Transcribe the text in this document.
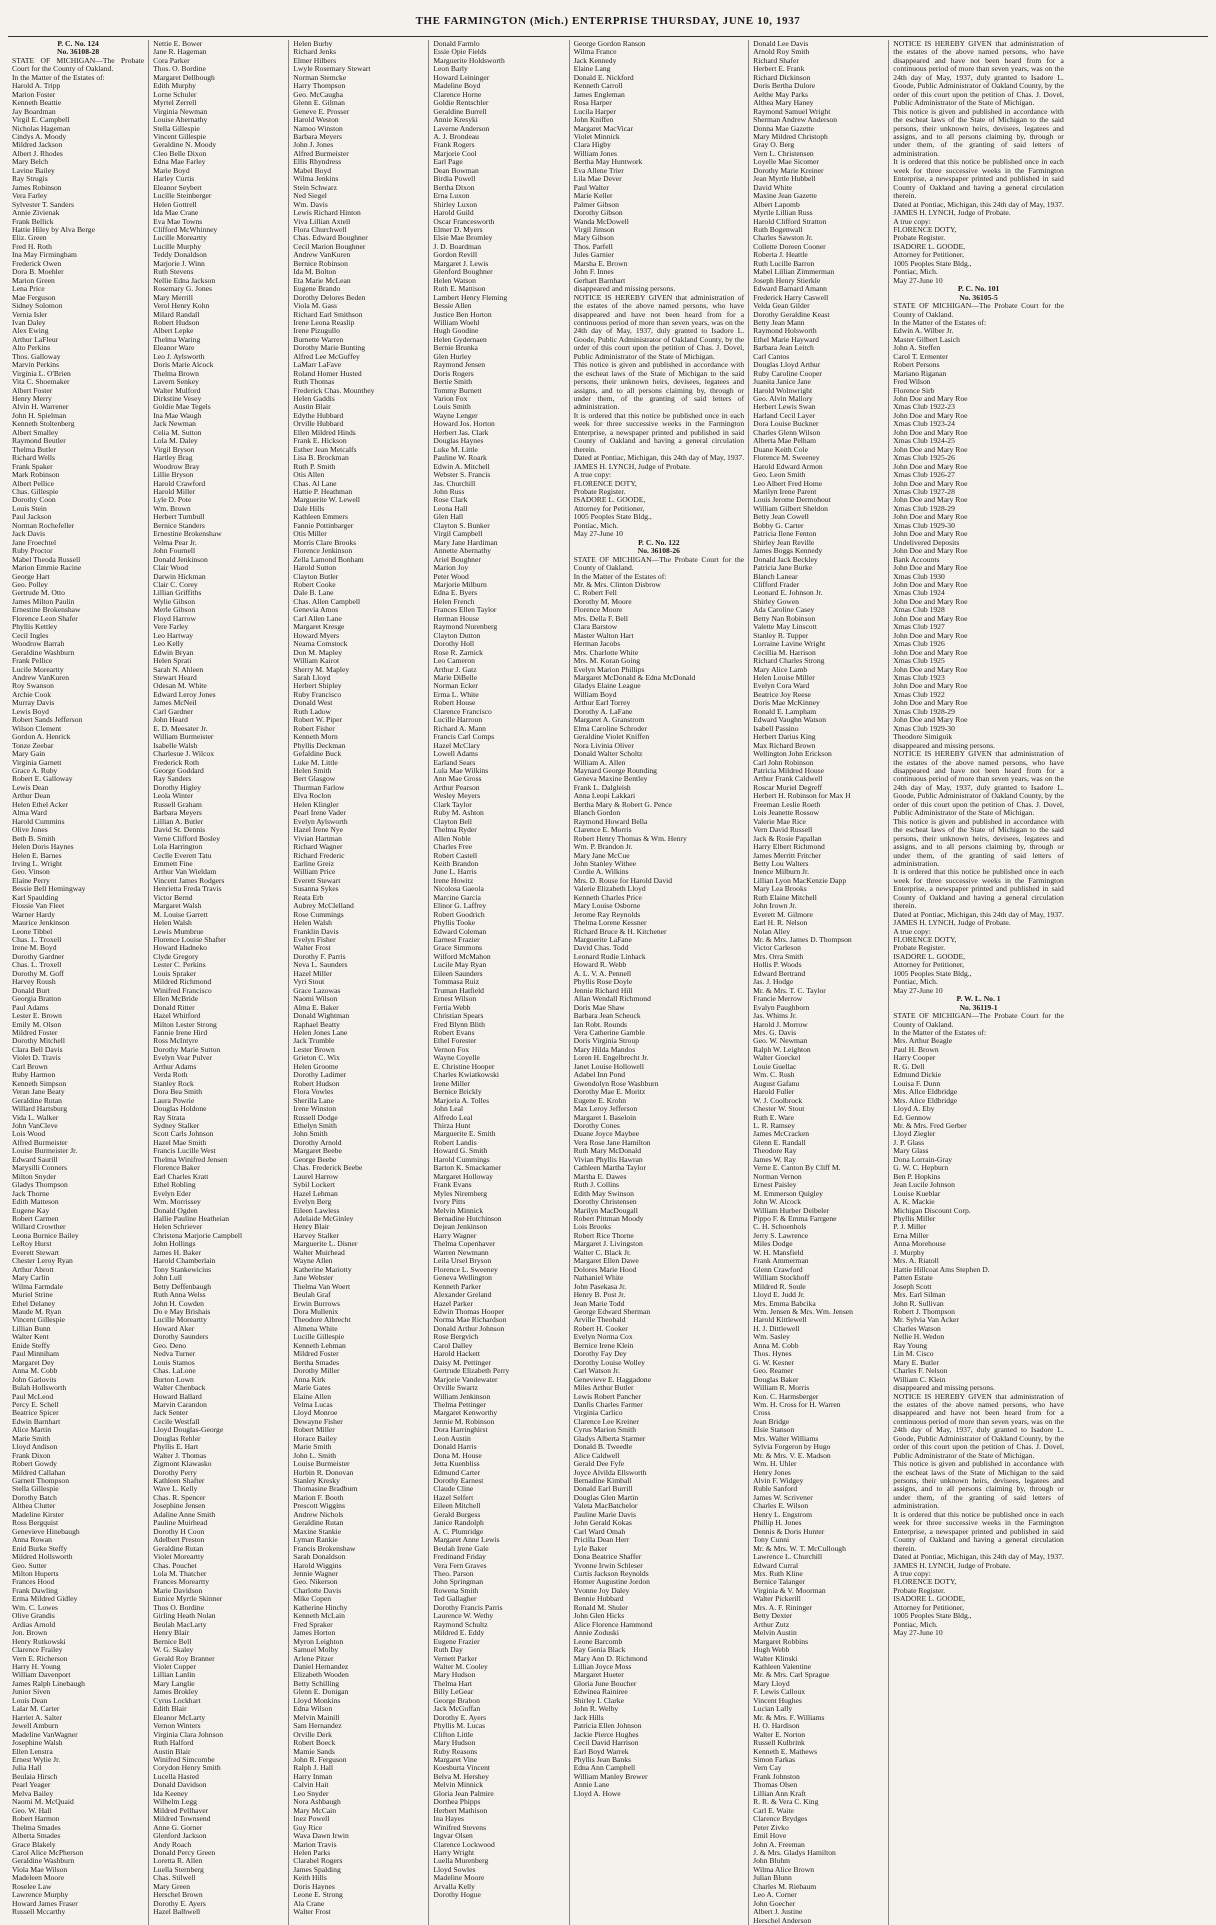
THE FARMINGTON (Mich.) ENTERPRISE THURSDAY, JUNE 10, 1937
P. C. No. 124
No. 36108-28
STATE OF MICHIGAN—The Probate Court for the County of Oakland.
In the Matter of the Estates of:
Harold A. Tripp
Marion Foster
Kenneth Beattie
Jay Boardman
Virgil E. Campbell
Nicholas Hageman
Cindys A. Moody
Mildred Jackson
Albert J. Rhodes
Mary Belch
Lavine Bailey
Ray Strugis
James Robinson
Vera Farley
Sylvester T. Sanders
Annie Zivienak
Frank Bellick
Hattie Hiley by Alva Berge
Eliz. Green
Fred H. Roth
Ina May Firmingham
Frederick Owen
Dora B. Moehler
Marion Green
Lena Price
Mae Ferguson
Sidney Solomon
Vernia Isler
Ivan Daley
Alex Ewing
Arthur LaFleur
Alto Perkins
Thos. Galloway
Marvin Perkins
Virginia L. O'Brien
Vita C. Shoemaker
Albert Foster
Henry Merry
Alvin H. Warrener
John H. Spielman
Kenneth Stoltenberg
Albert Smalley
Raymond Beutler
Thelma Butler
Richard Wells
Frank Spaker
Mark Robinson
Albert Pellice
Chas. Gillespie
Dorothy Coon
Louis Stein
Paul Jackson
Norman Rochefeller
Jack Davis
Jane Froechtel
Ruby Proctor
Mabel Theoda Russell
Marion Emmie Racine
George Hart
Geo. Polley
Gertrude M. Otto
James Milton Paulin
Ernestine Brokenshaw
Florence Leon Shafer
Phyllis Kettley
Cecil Ingles
Woodrow Barrah
Geraldine Washburn
Frank Pellice
Lucile Moreartty
Andrew VanKuren
Roy Swanson
Archie Cook
Murray Davis
Lewis Boyd
Robert Sands Jefferson
Wilson Clement
Gordon A. Henrick
Tonze Zeebar
Mary Gain
Virginia Garnett
Grace A. Ruby
Robert E. Galloway
Lewis Dean
Arthur Dean
Helen Ethel Acker
Alma Ward
Harold Cummins
Olive Jones
Beth B. Smith
Helen Doris Haynes
Helen E. Barnes
Irving L. Wright
Geo. Vinson
Elaine Perry
Bessie Bell Hemingway
Karl Spaulding
Flossie Van Fleet
Warner Hardy
Maurice Jenkinson
Leone Tibbel
Chas. L. Troxell
Irene M. Boyd
Dorothy Gardner
Chas. L. Troxell
Dorothy M. Goff
Harvey Roush
Donald Burt
Georgia Bratton
Paul Adams
Lester E. Brown
Emily M. Olson
Mildred Foster
Dorothy Mitchell
Clara Bell Davis
Violet D. Travis
Carl Brown
Ruby Harmon
Kenneth Simpson
Veran Jane Beaty
Geraldine Rutan
Willard Hartsburg
Vida L. Walker
John VanCleve
Lois Wood
Alfred Burmeister
Louise Burmeister Jr.
Edward Saurill
Marysilli Conners
Milton Snyder
Gladys Thompson
Jack Thorne
Edith Matteson
Eugene Kay
Robert Carmen
Willard Crowther
Leona Burnice Bailey
LeRoy Hurst
Everett Stewart
Chester Leroy Ryan
Arthur Abrott
Mary Carlin
Wilma Farmdale
Muriel Strine
Ethel Delaney
Maude M. Ryan
Vincent Gillespie
Lillian Bunn
Walter Kent
Enide Steffy
Paul Minniham
Margaret Dey
Anna M. Cobb
John Garlovits
Bulah Hollsworth
Paul McLeod
Percy E. Schell
Beatrice Spicer
Edwin Barnhart
Alice Martin
Marie Smith
Lloyd Andison
Frank Dixon
Robert Gowdy
Mildred Callahan
Garnett Thompson
Stella Gillespie
Dorothy Batch
Althea Clutter
Madeline Kirster
Ross Bergquist
Genevieve Hinebaugh
Anna Rowan
Enid Burke Steffy
Mildred Hollsworth
Geo. Sutter
Milton Huperts
Frances Hood
Frank Dawling
Erma Mildred Gidley
Wm. C. Lowes
Olive Grandis
Ardias Arnold
Jon. Brown
Henry Rutkowski
Clarence Frailey
Vern E. Richerson
Harry H. Young
William Davenport
James Ralph Linebaugh
Junior Siven
Louis Dean
Lalar M. Carter
Harriet A. Salter
Jewell Amburn
Madeline VanWagner
Josephine Walsh
Ellen Lenstra
Ernest Wylie Jr.
Julia Hall
Beulaia Hirsch
Pearl Yeager
Melva Bailey
Naomi M. McQuaid
Geo. W. Hall
Robert Harmon
Thelma Smades
Alberta Smades
Grace Blakely
Carol Alice McPherson
Geraldine Washburn
Viola Mae Wilson
Madeleen Moore
Roselee Law
Lawrence Murphy
Howard James Fraser
Russell Mccarthy
Nettie E. Bower
Jane R. Hageman
Cora Parker
Thos. O. Bordine
Margaret Dellbough
Edith Murphy
Lorne Schuler
Myrtel Zerrell
Virginia Newman
Louise Abernathy
Stella Gillespie
Vincent Gillespie
Geraldine N. Moody
Cleo Belle Dixon
Edna Mae Farley
Marie Boyd
Harley Curtis
Eleanor Seybert
Lucille Steinberger
Helen Gottrell
Ida Mae Crane
Eva Mae Towns
Clifford McWhinney
Lucille Moreartty
Lucille Murphy
Teddy Donaldson
Marjorie J. Winn
Ruth Stevens
Nellie Edna Jackson
Rosemary G. Jones
Mary Merrill
Verol Henry Kohn
Milard Randall
Robert Hudson
Albert Lepke
Thelma Waring
Eleanor Ware
Leo J. Aylsworth
Doris Marie Alcock
Thelma Brown
Lavern Senkey
Walter Mulford
Dirkstine Vesey
Goldie Mae Tegels
Ina Mae Waugh
Jack Newman
Celia M. Sutton
Lola M. Daley
Virgil Bryson
Hartley Brag
Woodrow Bray
Lillie Bryson
Harold Crawford
Harold Miller
Lyle D. Pote
Wm. Brown
Herbert Turnbull
Bernice Standers
Ernestine Brokenshaw
Velma Pear Jr.
John Fournell
Donald Jenkinson
Clair Wood
Darwin Hickman
Clair C. Corey
Lillian Griffiths
Wylie Gibson
Merle Gibson
Floyd Harrow
Vere Farley
Leo Hartway
Leo Kelly
Edwin Bryan
Helen Sprati
Sarah N. Ahleen
Stewart Heard
Odesan M. White
Edward Leroy Jones
James McNeil
Carl Gardner
John Heard
E. D. Meesater Jr.
William Burmeister
Isabelle Walsh
Charlesue J. Wilcox
Frederick Roth
George Goddard
Ray Sanders
Dorothy Higley
Leola Winter
Russell Graham
Barbara Meyers
Lillian A. Butler
David St. Dennis
Verne Clifford Bosley
Lola Harrington
Ceclle Everett Tatu
Emmett Fine
Arthur Van Wieldam
Vincent James Rodgers
Henrietta Freda Travis
Victor Bernd
Margaret Walsh
M. Louise Garrett
Helen Walsh
Lewis Mumbrue
Florence Louise Shafter
Howard Hadneko
Clyde Gregory
Lester C. Perkins
Louis Spraker
Mildred Richmond
Winifred Francisco
Ellen McBride
Donald Ritter
Hazel Whitford
Milton Lester Strong
Fannie Irene Hird
Ross McIntyre
Dorothy Marie Sutton
Evelyn Vear Pulver
Arthur Adams
Verda Roth
Stanley Rock
Dora Bea Smith
Laura Powrie
Douglas Holdone
Ray Strata
Sydney Stalker
Scott Carls Johnson
Hazel Mae Smith
Francis Lucille West
Thelma Winifred Jensen
Florence Baker
Earl Charles Kratt
Ethel Robling
Evelyn Eder
Wm. Morrissey
Donald Ogden
Hallie Pauline Heatheian
Helen Schriever
Christena Marjorie Campbell
John Hollings
James H. Baker
Harold Chamberlain
Tony Stankewicius
John Lull
Betty Deffenbaugh
Ruth Anna Welss
John H. Cowden
Do e May Brishais
Lucille Moreartty
Howard Aker
Dorothy Saunders
Geo. Deno
Nedva Turner
Louis Stamos
Chas. LaLone
Burton Lown
Walter Chenback
Howard Ballard
Marvin Carandon
Jack Senter
Cecile Westfall
Lloyd Douglas-George
Douglas Rehler
Phyllis E. Hart
Walter J. Thomas
Zigmont Klawasko
Dorothy Perry
Kathleen Shafter
Wave L. Kelly
Chas. R. Spencer
Josephine Jensen
Adaline Anne Smith
Pauline Muirhead
Dorothy H Coon
Adelbert Preston
Geraldine Rutan
Violet Moreartty
Chas. Pouchet
Lola M. Thatcher
Frances Moreartty
Marie Davidson
Eunice Myrtle Skinner
Thos O. Bordine
Girling Heath Nolan
Beulah MacLarty
Henry Blair
Bernice Bell
W. G. Skaley
Gerald Roy Branner
Violet Copper
Lillian Lanlin
Mary Langlie
James Brokley
Cyrus Lockhart
Edith Blair
Eleanor McLarty
Vernon Winters
Virginia Clara Johnson
Ruth Halford
Austin Blair
Winifred Simcombe
Corydon Henry Smith
Lucella Hasted
Donald Davidson
Ida Keeney
Wilhelm Legg
Mildred Pellhaver
Mildred Townsend
Anne G. Gorner
Glenford Jackson
Andy Roach
Donald Percy Green
Loretta R. Allen
Luella Sternberg
Chas. Stilwell
Mary Green
Herschel Brown
Dorothy E. Ayers
Hazel Balhwell
Helen Burby
Richard Jenks
Elmer Hilbers
Lwyle Rosemary Stewart
Norman Stemcke
Harry Thompson
Geo. McCaugha
Glenn E. Gilman
Geneve E. Prosser
Harold Weston
Namoo Winston
Barbara Meyers
John J. Jones
Alfred Burmeister
Ellis Rhyndress
Mabel Boyd
Wilma Jenkins
Stein Schwarz
Ned Siegel
Wm. Davis
Lewis Richard Hinton
Viva Lillian Axtell
Flora Churchwell
Chas. Edward Boughner
Cecil Marion Boughner
Andrew VanKuren
Bernice Robinson
Ida M. Bolton
Eta Marie McLean
Eugene Brando
Dorothy Delores Beden
Viola M. Gass
Richard Earl Smithson
Irene Leona Reaslip
Irene Pizugullo
Burnette Warren
Dorothy Marie Bunting
Alfred Lee McGuffey
LaMarr LaFave
Roland Homer Husted
Ruth Thomas
Frederick Chas. Mounthey
Helen Gaddis
Austin Blair
Edythe Hubbard
Orville Hubbard
Ellen Mildred Hinds
Frank E. Hickson
Esther Jean Metcalfs
Lisa B. Brockman
Ruth P. Smith
Otis Allen
Chas. Al Lane
Hattie P. Heathman
Marguerite W. Lewell
Dale Hills
Kathleen Emmers
Fannie Pottinbarger
Otis Miller
Morris Clare Brooks
Florence Jenkinson
Zella Lamond Bonham
Harold Sutton
Clayton Butler
Robert Cooke
Dale B. Lane
Chas. Allen Campbell
Genevia Amos
Carl Allen Lane
Margaret Kresge
Howard Myers
Neama Comstock
Don M. Mapley
William Kairot
Sherry M. Mapley
Sarah Lloyd
Herbert Shipley
Ruby Francisco
Donald West
Ruth Ladow
Robert W. Piper
Robert Fisher
Kenneth Morn
Phyllis Deckman
Gefaldine Buck
Luke M. Little
Helen Smith
Bert Glasgow
Thurman Farlow
Elva Roclon
Helen Klingler
Pearl Irene Vader
Evelyn Aylsworth
Hazel Irene Nye
Vivian Hartman
Richard Wagner
Richard Frederic
Earline Greiz
William Price
Everett Stewart
Susanna Sykes
Reata Erb
Aubrey McClelland
Rose Cummings
Helen Walsh
Franklin Davis
Evelyn Fisher
Walter Frost
Dorothy F. Parris
Neva L. Saunders
Hazel Miller
Vyri Stout
Grace Lazowas
Naomi Wilson
Alma E. Baker
Donald Wightman
Raphael Beatty
Helen Jones Lane
Jack Trumble
Lester Brown
Grieton C. Wix
Helen Groome
Dorothy Ladimer
Robert Hudson
Flora Vowles
Sherilla Lane
Irene Winston
Russell Dodge
Ethelyn Smith
John Smith
Dorothy Arnold
Margaret Beebe
George Beebe
Chas. Frederick Beebe
Laurel Harrow
Sybil Lockert
Hazel Lehman
Evelyn Berg
Eileen Lawless
Adelaide McGinley
Henry Blair
Harvey Stalker
Marguerite L. Disner
Walter Muirhead
Wayne Allen
Katherine Mariotty
Jane Webster
Thelma Van Woert
Beulah Graf
Erwin Burrows
Dora Mullenix
Theodore Albrecht
Almena White
Lucille Gillespie
Kenneth Lehman
Mildred Foster
Bertha Smades
Dorothy Miller
Anna Kirk
Marie Gates
Elaine Allen
Velma Lucas
Lloyd Monroe
Dewayne Fisher
Robert Miller
Horace Bailey
Marie Smith
John L. Smith
Louise Burmeister
Hurbin R. Donovan
Stanley Kresky
Thomasine Bradburn
Marion F. Booth
Prescott Wiggins
Andrew Nichols
Geraldine Rutan
Maxine Stankie
Lyman Rankie
Francis Brokenshaw
Sarah Donaldson
Harold Wiggins
Jennie Wagner
Geo. Nikerson
Charlotte Davis
Mike Copen
Katherine Hinchy
Kenneth McLain
Fred Spraker
James Horton
Myron Leighton
Samuel Molby
Arlene Pitzer
Daniel Hernandez
Elizabeth Wooden
Betty Schilling
Glenn E. Donigan
Lloyd Monkins
Edna Wilson
Melvin Mainill
Sam Hernandez
Orville Derk
Robert Boeck
Mamie Sands
John R. Ferguson
Ralph J. Hall
Harry Inman
Calvin Hait
Leo Snyder
Nora Ashbaugh
Mary McCain
Inez Powell
Guy Rice
Wava Dawn Irwin
Marion Travis
Helen Parks
Clarabel Rogers
James Spalding
Keith Hills
Doris Haynes
Leone E. Strong
Ala Crane
Walter Frost
Donald Farmlo
Essie Opie Fields
Marguerite Holdsworth
Leon Barly
Howard Leininger
Madeline Boyd
Clarence Horne
Goldie Rentschler
Geraldine Burrell
Annie Kresyki
Laverne Anderson
A. J. Brondeau
Frank Rogers
Marjorie Cool
Earl Page
Dean Bowman
Birdia Powell
Bertha Dixon
Erna Luxon
Shirley Luxon
Harold Guild
Oscar Francesworth
Elmer D. Myers
Elsie Mae Bromley
J. D. Boardman
Gordon Revill
Margaret J. Lewis
Glenford Boughner
Helen Watson
Ruth E. Mattison
Lambert Henry Fleming
Bessie Allen
Justice Ben Horton
William Woehl
Hugh Goodine
Helen Gydernaen
Bernie Brunka
Glen Hurley
Raymond Jensen
Doris Rogers
Bertie Smith
Tommy Burnett
Varion Fox
Louis Smith
Wayne Lenger
Howard Jos. Horton
Herbert Jas. Clark
Douglas Haynes
Luke M. Little
Pauline W. Roark
Edwin A. Mitchell
Webster S. Francis
Jas. Churchill
John Russ
Rose Clark
Leona Hall
Glen Hall
Clayton S. Bunker
Virgil Campbell
Mary Jane Hardiman
Annette Abernathy
Ariel Boughner
Marion Joy
Peter Wood
Marjorie Milburn
Edna E. Byers
Helen French
Frances Ellen Taylor
Herman House
Raymond Nurenberg
Clayton Dutton
Dorothy Holl
Rose R. Zarnick
Leo Cameron
Arthur J. Gatz
Marie DiBelle
Norman Ecker
Erma L. White
Robert House
Clarence Francisco
Lucille Harroun
Richard A. Mann
Francis Carl Comps
Hazel McClary
Lowell Adams
Earland Sears
Lula Mae Wilkins
Ann Mae Gross
Arthur Pearson
Wesley Meyers
Clark Taylor
Ruby M. Ashton
Clayton Bell
Thelma Ryder
Allen Noble
Charles Free
Robert Castell
Keith Brandon
June L. Harris
Irene Howitz
Nicolosa Gaeola
Marcine Garcia
Elinor G. Laffrey
Robert Goodrich
Phyllis Tooke
Edward Coleman
Earnest Frazier
Grace Simmons
Wilford McMahon
Lucile May Ryan
Eileen Saunders
Tommasa Ruiz
Truman Hatfield
Ernest Wilson
Fertia Webb
Christian Spears
Fred Blynn Blith
Robert Evans
Ethel Forester
Vernon Fox
Wayne Coyelle
E. Christine Hooper
Charles Kwiatkowski
Irene Miller
Bernice Brickly
Marjoria A. Tolles
John Leal
Alfredo Leal
Thirza Hunt
Marguerite E. Smith
Robert Landis
Howard G. Smith
Harold Cummings
Barton K. Smackamer
Margaret Holloway
Frank Evans
Myles Niremberg
Ivory Pitts
Melvin Minnick
Bernadine Hutchinson
Dejean Jenkinson
Harry Wagner
Thelma Copenhaver
Warren Newmann
Leila Ursel Bryson
Florence L. Sweeney
Geneva Wellington
Kenneth Parker
Alexander Greland
Hazel Parker
Edwin Thomas Hooper
Norma Mae Richardson
Donald Arthur Johnson
Rose Bergvich
Carol Dalley
Harold Hackett
Daisy M. Pettinger
Gertrude Elizabeth Perry
Marjorie Vandewater
Orville Swartz
William Jenkinson
Thelma Pettinger
Margaret Kenworthy
Jennie M. Robinson
Dora Harringhirst
Leon Austin
Donald Harris
Dona M. House
Jetta Kuenbliss
Edmund Carter
Dorothy Earnest
Claude Cline
Hazel Selfert
Eileen Mitchell
Gerald Burgess
Janice Randolph
A. C. Plumridge
Margaret Anne Lewis
Beulah Irene Gale
Fredinand Friday
Vera Fern Graves
Theo. Parson
John Springman
Rowena Smith
Ted Gallagher
Dorothy Francis Parris
Laurence W. Wethy
Raymond Schultz
Mildred E. Eddy
Eugene Frazier
Ruth Day
Vernett Parker
Walter M. Cooley
Mary Hudson
Thelma Hart
Billy LeGear
George Brabon
Jack McGuffan
Dorothy E. Ayers
Phyllis M. Lucas
Clifton Little
Mary Hudson
Ruby Reasons
Margaret Vine
Koesburta Vincent
Belva M. Hershey
Melvin Minnick
Gloria Jean Palmire
Dorthea Phipps
Herbert Mathison
Ina Hayes
Winifred Stevens
Ingvar Olsen
Clarence Lockwood
Harry Wright
Luella Murenberg
Lloyd Sowles
Madeline Moore
Arvalla Kelly
Dorothy Hogue
George Gordon Ranson
Wilma France
Jack Kennedy
Elaine Lang
Donald E. Nickford
Kenneth Carroll
James Engleman
Rosa Harper
Lucila Harper
John Kniffen
Margaret MacVicar
Violet Minnick
Clara Higby
William Jones
Bertha May Huntwork
Eva Allene Trier
Lila Mae Dever
Paul Walter
Marie Keller
Palmer Gibson
Dorothy Gibson
Wanda McDowell
Virgil Jimson
Mary Gibson
Thos. Parfell
Jules Garnier
Marsha E. Brown
John F. Innes
Gerhart Barnhart
disappeared and missing persons.
NOTICE IS HEREBY GIVEN that administration of the estates of the above named persons, who have disappeared and have not been heard from for a continuous period of more than seven years, was on the 24th day of May, 1937, duly granted to Isadore L. Goode, Public Administrator of Oakland County, by the order of this court upon the petition of Chas. J. Dovel, Public Administrator of the State of Michigan.
This notice is given and published in accordance with the escheat laws of the State of Michigan to the said persons, their unknown heirs, devisees, legatees and assigns, and to all persons claiming by, through or under them, of the granting of said letters of administration.
It is ordered that this notice be published once in each week for three successive weeks in the Farmington Enterprise, a newspaper printed and published in said County of Oakland and having a general circulation therein.
Dated at Pontiac, Michigan, this 24th day of May, 1937.
JAMES H. LYNCH, Judge of Probate.
A true copy:
FLORENCE DOTY,
Probate Register.
ISADORE L. GOODE,
Attorney for Petitioner,
1005 Peoples State Bldg.,
Pontiac, Mich.
May 27-June 10
P. C. No. 122
No. 36108-26
STATE OF MICHIGAN—The Probate Court for the County of Oakland.
In the Matter of the Estates of:
Mr. & Mrs. Clinton Disbrow
C. Robert Fell
Dorothy M. Moore
Florence Moore
Mrs. Della F. Bell
Clara Barstow
Master Walton Hart
Herman Jacobs
Mrs. Charlotte White
Mrs. M. Koran Going
Evelyn Marion Phillips
Margaret McDonald & Edna McDonald
Gladys Elaine League
William Boyd
Arthur Earl Torrey
Dorothy A. LaFane
Margaret A. Granstrom
Elma Caroline Schroder
Geraldine Violet Kniffen
Nora Livinia Oliver
Donald Walter Scholtz
William A. Allen
Maynard George Rounding
Geneva Maxine Bentley
Frank L. Dalgleish
Anna Leopi Lakkari
Bertha Mary & Robert G. Pence
Blanch Gordon
Raymond Howard Bella
Clarence E. Morris
Robert Henry Thomas & Wm. Henry
Wm. P. Brandon Jr.
Mary Jane McCue
John Stanley Withee
Cordie A. Wilkins
Mrs. D. Rouse for Harold David
Valerie Elizabeth Lloyd
Kenneth Charles Price
Mary Louise Osborne
Jerome Ray Reynolds
Thelma Lorene Kessner
Richard Bruce & H. Kitchener
Marguerite LaFane
David Chas. Todd
Leonard Rudie Linhack
Howard R. Webb
A. L. V. A. Pennell
Phyllis Rose Doyle
Jennie Richard Hill
Allan Wendall Richmond
Doris Mae Shaw
Barbara Jean Scheuck
Ian Robt. Rounds
Vera Catherine Gamble
Doris Virginia Stroup
Mary Hilda Mandos
Loren H. Engelbrecht Jr.
Janet Louise Hollowell
Adabel Inn Pond
Gwendolyn Rose Washburn
Dorothy Mae E. Moritz
Eugene E. Krohn
Max Leroy Jefferson
Margaret I. Baseloin
Dorothy Cones
Duane Joyce Maybee
Vera Rose Jane Hamilton
Ruth Mary McDonald
Vivian Phyllis Hawran
Cathleen Martha Taylor
Martha E. Dawes
Ruth J. Collins
Edith May Swinson
Dorothy Christensen
Marilyn MacDougall
Robert Pittman Moody
Lois Brooks
Robert Rice Thorne
Margaret J. Livingston
Walter C. Black Jr.
Margaret Ellen Dawe
Dolores Marie Hood
Nathaniel White
John Pasekasa Jr.
Henry B. Post Jr.
Jean Marie Todd
George Edward Sherman
Arville Theobald
Robert H. Cooker
Evelyn Norma Cox
Bernice Irene Klein
Dorothy Fay Dey
Dorothy Louise Wolley
Carl Watson Jr.
Genevieve E. Haggadone
Miles Arthur Butler
Lewis Robert Pancher
Danfis Charles Farmer
Virginia Carlico
Clarence Lee Kreiner
Cyrus Marion Smith
Gladys Alberta Starmer
Donald B. Tweedle
Alice Caldwell
Gerald Dee Fyfe
Joyce Alvilda Ellsworth
Bernadine Kimball
Donald Earl Burrill
Douglas Glen Martin
Valeta MacBatchelor
Pauline Marie Davis
John Gerald Kokas
Carl Ward Omah
Pricilla Dean Herr
Lyle Baker
Dona Beatrice Shaffer
Yvonne Irwin Schleser
Curtis Jackson Reynolds
Homer Augustine Jordon
Yvonne Joy Daley
Bennie Hubbard
Ronald M. Shuler
John Glen Hicks
Alice Florence Hammond
Annie Zoduski
Leone Barcomb
Ray Genia Black
Mary Ann D. Richmond
Lillian Joyce Moss
Margaret Hueter
Gloria June Boucher
Edwinea Rainiree
Shirley I. Clarke
John R. Welby
Jack Hills
Patricia Ellen Johnson
Jackie Pierce Hughes
Cecil David Harrison
Earl Boyd Warrek
Phyllis Jean Banks
Edna Ann Campbell
William Manley Brewer
Annie Lane
Lloyd A. Howe
Donald Lee Davis
Arnold Roy Smith
Richard Shafer
Herbert E. Frank
Richard Dickinson
Doris Bertha Dulore
Aelthe May Parks
Althea Mary Haney
Raymond Samuel Wright
Sherman Andrew Anderson
Donna Mae Gazette
Mary Mildred Christoph
Gray O. Berg
Vern L. Christensen
Loyelle Mae Sicomer
Dorothy Marie Kreiner
Jean Myrtle Hubbell
David White
Maxine Jean Gazette
Albert Lapomb
Myrtle Lillian Russ
Harold Clifford Stratton
Ruth Bogenwall
Charles Sawston Jr.
Collette Doreen Cooner
Roberta J. Heattle
Ruth Lucille Barron
Mabel Lillian Zimmerman
Joseph Henry Stierkle
Edward Barnard Amann
Frederick Harry Caswell
Velda Gean Gilder
Dorothy Geraldine Keast
Betty Jean Mann
Raymond Holsworth
Ethel Marie Hayward
Barbara Jean Leitch
Carl Cantos
Douglas Lloyd Arthur
Ruby Caroline Cooper
Juanita Janice Jane
Harold Wolnwright
Geo. Alvin Mallory
Herbert Lewis Swan
Harland Cecil Layer
Dora Louise Buckner
Charles Glenn Wilson
Alberta Mae Pelham
Duane Keith Cole
Florence M. Sweeney
Harold Edward Armon
Geo. Leon Smith
Leo Albert Fred Home
Marilyn Irene Parent
Louis Jerome Dermohout
William Gilbert Sheldon
Betty Jean Cowell
Bobby G. Carter
Patricia Ilene Fenton
Shirley Jean Reville
James Boggs Kennedy
Donald Jack Beckley
Patricia Jane Burke
Blanch Lanear
Clifford Frader
Leonard E. Johnson Jr.
Shirley Gowen
Ada Caroline Casey
Betty Nan Robinson
Valette May Linscott
Stanley R. Tupper
Lorraine Lavine Wright
Cecillia M. Harrison
Richard Charles Strong
Mary Alice Lamb
Helen Louise Miller
Evelyn Cora Ward
Beatrice Joy Reese
Doris Mae McKinney
Ronald E. Lampham
Edward Vaughn Watson
Isabell Passino
Herbert Darius King
Max Richard Brown
Wellington John Erickson
Carl John Robinson
Patricia Mildred House
Arthur Frank Caldwell
Roscar Muriel Degreff
Herbert H. Robinson for Max H
Freeman Leslie Roeth
Lois Jeanette Rossow
Valerie Mae Rice
Vern David Russell
Jack & Rosie Papallan
Harry Elbert Richmond
James Merritt Fritcher
Betty Lou Walters
Inence Milburn Jr.
Lillian Lyon MacKenzie Dapp
Mary Lea Brooks
Ruth Elaine Mitchell
John Irown Jr.
Everett M. Gilmore
Earl H. R. Nelson
Nolan Alley
Mr. & Mrs. James D. Thompson
Victor Carleson
Mrs. Orra Smith
Hollis P. Woods
Edward Bertrand
Jas. J. Hodge
Mr. & Mrs. T. C. Taylor
Francie Merrow
Evalyn Paughborn
Jas. Whims Jr.
Harold J. Morrow
Mrs. G. Davis
Geo. W. Newman
Ralph W. Leighton
Walter Goeckel
Louie Guellac
Wm. C. Rush
August Gafanu
Harold Fuller
W. J. Coolbrock
Chester W. Stout
Ruth E. Ware
L. R. Ramsey
James McCracken
Glenn E. Randall
Theodore Ray
James W. Ray
Verne E. Canton By Cliff M.
Norman Vernon
Ernest Paisley
M. Emmerson Quigley
John W. Alcock
William Hurber Deibeler
Pippo F. & Emma Farrgene
C. H. Schoenhols
Jerry S. Lawrence
Miles Dodge
W. H. Mansfield
Frank Ammerman
Glenn Crawford
William Stockhoff
Mildred R. Soule
Lloyd E. Judd Jr.
Mrs. Emma Babcika
Wm. Jensen & Mrs. Wm. Jensen
Harold Kittlewell
H. J. Dittlewell
Wm. Sasley
Anna M. Cobb
Thos. Hynes
G. W. Kesner
Geo. Reamer
Douglas Baker
William R. Morris
Kon. C. Harmsberger
Wm. H. Cross for H. Warren
Cross
Jean Bridge
Elsie Stanson
Mrs. Walter Williams
Sylvia Forgeron by Hugo
Mr. & Mrs. V. E. Madson
Wm. H. Uhler
Henry Jones
Alvin F. Widgey
Ruble Sanford
James W. Scrivener
Charles E. Wilson
Henry L. Engstrom
Phillip H. Jones
Dennis & Doris Hunter
Tony Cunni
Mr. & Mrs. W. T. McCullough
Lawrence L. Churchill
Edward Curral
Mrs. Ruth Kline
Bernice Talanger
Virginia & V. Moorman
Walter Pickerill
Mrs. A. F. Rininger
Betty Dexter
Arthur Zutz
Melvin Austin
Margaret Robbins
Hugh Webb
Walter Klinski
Kathleen Valentine
Mr. & Mrs. Carl Sprague
Mary Lloyd
F. Lewis Calloux
Vincent Hughes
Lucian Lally
Mr. & Mrs. F. Williams
H. O. Hardison
Walter E. Norton
Russell Kulbrink
Kenneth E. Mathews
Simon Farkas
Vern Cay
Frank Johnston
Thomas Olsen
Lillian Ann Kraft
R. R. & Vera C. King
Carl E. Waite
Clarence Brydges
Peter Zivko
Emil Hove
John A. Freeman
J. & Mrs. Gladys Hamilton
John Bluhm
Wilma Alice Brown
Julian Blunn
Charles M. Riebaum
Leo A. Corner
John Goecher
Albert J. Justine
Herschel Anderson
NOTICE IS HEREBY GIVEN that administration of the estates of the above named persons, who have disappeared and have not been heard from for a continuous period of more than seven years, was on the 24th day of May, 1937, duly granted to Isadore L. Goode, Public Administrator of Oakland County, by the order of this court upon the petition of Chas. J. Dovel, Public Administrator of the State of Michigan.
This notice is given and published in accordance with the escheat laws of the State of Michigan to the said persons, their unknown heirs, devisees, legatees and assigns, and to all persons claiming by, through or under them, of the granting of said letters of administration.
It is ordered that this notice be published once in each week for three successive weeks in the Farmington Enterprise, a newspaper printed and published in said County of Oakland and having a general circulation therein.
Dated at Pontiac, Michigan, this 24th day of May, 1937.
JAMES H. LYNCH, Judge of Probate.
A true copy:
FLORENCE DOTY,
Probate Register.
ISADORE L. GOODE,
Attorney for Petitioner,
1005 Peoples State Bldg.,
Pontiac, Mich.
May 27-June 10
P. C. No. 101
No. 36105-5
STATE OF MICHIGAN—The Probate Court for the County of Oakland.
In the Matter of the Estates of:
Edwin A. Wilber Jr.
Master Gilbert Lasich
John A. Steffen
Carol T. Ermenter
Robert Persons
Mariano Riganan
Fred Wilson
Florence Sirb
John Doe and Mary Roe
Xmas Club 1922-23
John Doe and Mary Roe
Xmas Club 1923-24
John Doe and Mary Roe
Xmas Club 1924-25
John Doe and Mary Roe
Xmas Club 1925-26
John Doe and Mary Roe
Xmas Club 1926-27
John Doe and Mary Roe
Xmas Club 1927-28
John Doe and Mary Roe
Xmas Club 1928-29
John Doe and Mary Roe
Xmas Club 1929-30
John Doe and Mary Roe
Undelivered Deposits
John Doe and Mary Roe
Bank Accounts
John Doe and Mary Roe
Xmas Club 1930
John Doe and Mary Roe
Xmas Club 1924
John Doe and Mary Roe
Xmas Club 1928
John Doe and Mary Roe
Xmas Club 1927
John Doe and Mary Roe
Xmas Club 1926
John Doe and Mary Roe
Xmas Club 1925
John Doe and Mary Roe
Xmas Club 1923
John Doe and Mary Roe
Xmas Club 1922
John Doe and Mary Roe
Xmas Club 1928-29
John Doe and Mary Roe
Xmas Club 1929-30
Theodore Simiguik
disappeared and missing persons.
NOTICE IS HEREBY GIVEN that administration of the estates of the above named persons, who have disappeared and have not been heard from for a continuous period of more than seven years, was on the 24th day of May, 1937, duly granted to Isadore L. Goode, Public Administrator of Oakland County, by the order of this court upon the petition of Chas. J. Dovel, Public Administrator of the State of Michigan.
This notice is given and published in accordance with the escheat laws of the State of Michigan to the said persons, their unknown heirs, devisees, legatees and assigns, and to all persons claiming by, through or under them, of the granting of said letters of administration.
It is ordered that this notice be published once in each week for three successive weeks in the Farmington Enterprise, a newspaper printed and published in said County of Oakland and having a general circulation therein.
Dated at Pontiac, Michigan, this 24th day of May, 1937.
JAMES H. LYNCH, Judge of Probate.
A true copy:
FLORENCE DOTY,
Probate Register.
ISADORE L. GOODE,
Attorney for Petitioner,
1005 Peoples State Bldg.,
Pontiac, Mich.
May 27-June 10
P. W. L. No. 1
No. 36119-1
STATE OF MICHIGAN—The Probate Court for the County of Oakland.
In the Matter of the Estates of:
Mrs. Arthur Beagle
Paul H. Brown
Harry Cooper
R. G. Dell
Edmund Dickie
Louisa F. Dunn
Mrs. Allce Eldbridge
Mrs. Alice Eldbridge
Lloyd A. Eby
Ed. Gennow
Mr. & Mrs. Fred Gerber
Lloyd Ziegler
J. P. Glass
Mary Glass
Dona Lorrain-Gray
G. W. C. Hepburn
Ben P. Hopkins
Jean Lucile Johnson
Louise Kueblar
A. K. Mackie
Michigan Discount Corp.
Phyllis Miller
P. J. Miller
Erna Miller
Anna Morehouse
J. Murphy
Mrs. A. Riatoll
Hattie Hillcoat Ams Stephen D.
Patten Estate
Joseph Scott
Mrs. Earl Silman
John R. Sullivan
Robert J. Thompson
Mr. Sylvia Van Acker
Charles Watson
Nellie H. Wedon
Ray Young
Lin M. Cisco
Mary E. Butler
Charles F. Nelson
William C. Klein
disappeared and missing persons.
NOTICE IS HEREBY GIVEN that administration of the estates of the above named persons, who have disappeared and have not been heard from for a continuous period of more than seven years, was on the 24th day of May, 1937, duly granted to Isadore L. Goode, Public Administrator of Oakland County, by the order of this court upon the petition of Chas. J. Dovel, Public Administrator of the State of Michigan.
This notice is given and published in accordance with the escheat laws of the State of Michigan to the said persons, their unknown heirs, devisees, legatees and assigns, and to all persons claiming by, through or under them, of the granting of said letters of administration.
It is ordered that this notice be published once in each week for three successive weeks in the Farmington Enterprise, a newspaper printed and published in said County of Oakland and having a general circulation therein.
Dated at Pontiac, Michigan, this 24th day of May, 1937.
JAMES H. LYNCH, Judge of Probate.
A true copy:
FLORENCE DOTY,
Probate Register.
ISADORE L. GOODE,
Attorney for Petitioner,
1005 Peoples State Bldg.,
Pontiac, Mich.
May 27-June 10
